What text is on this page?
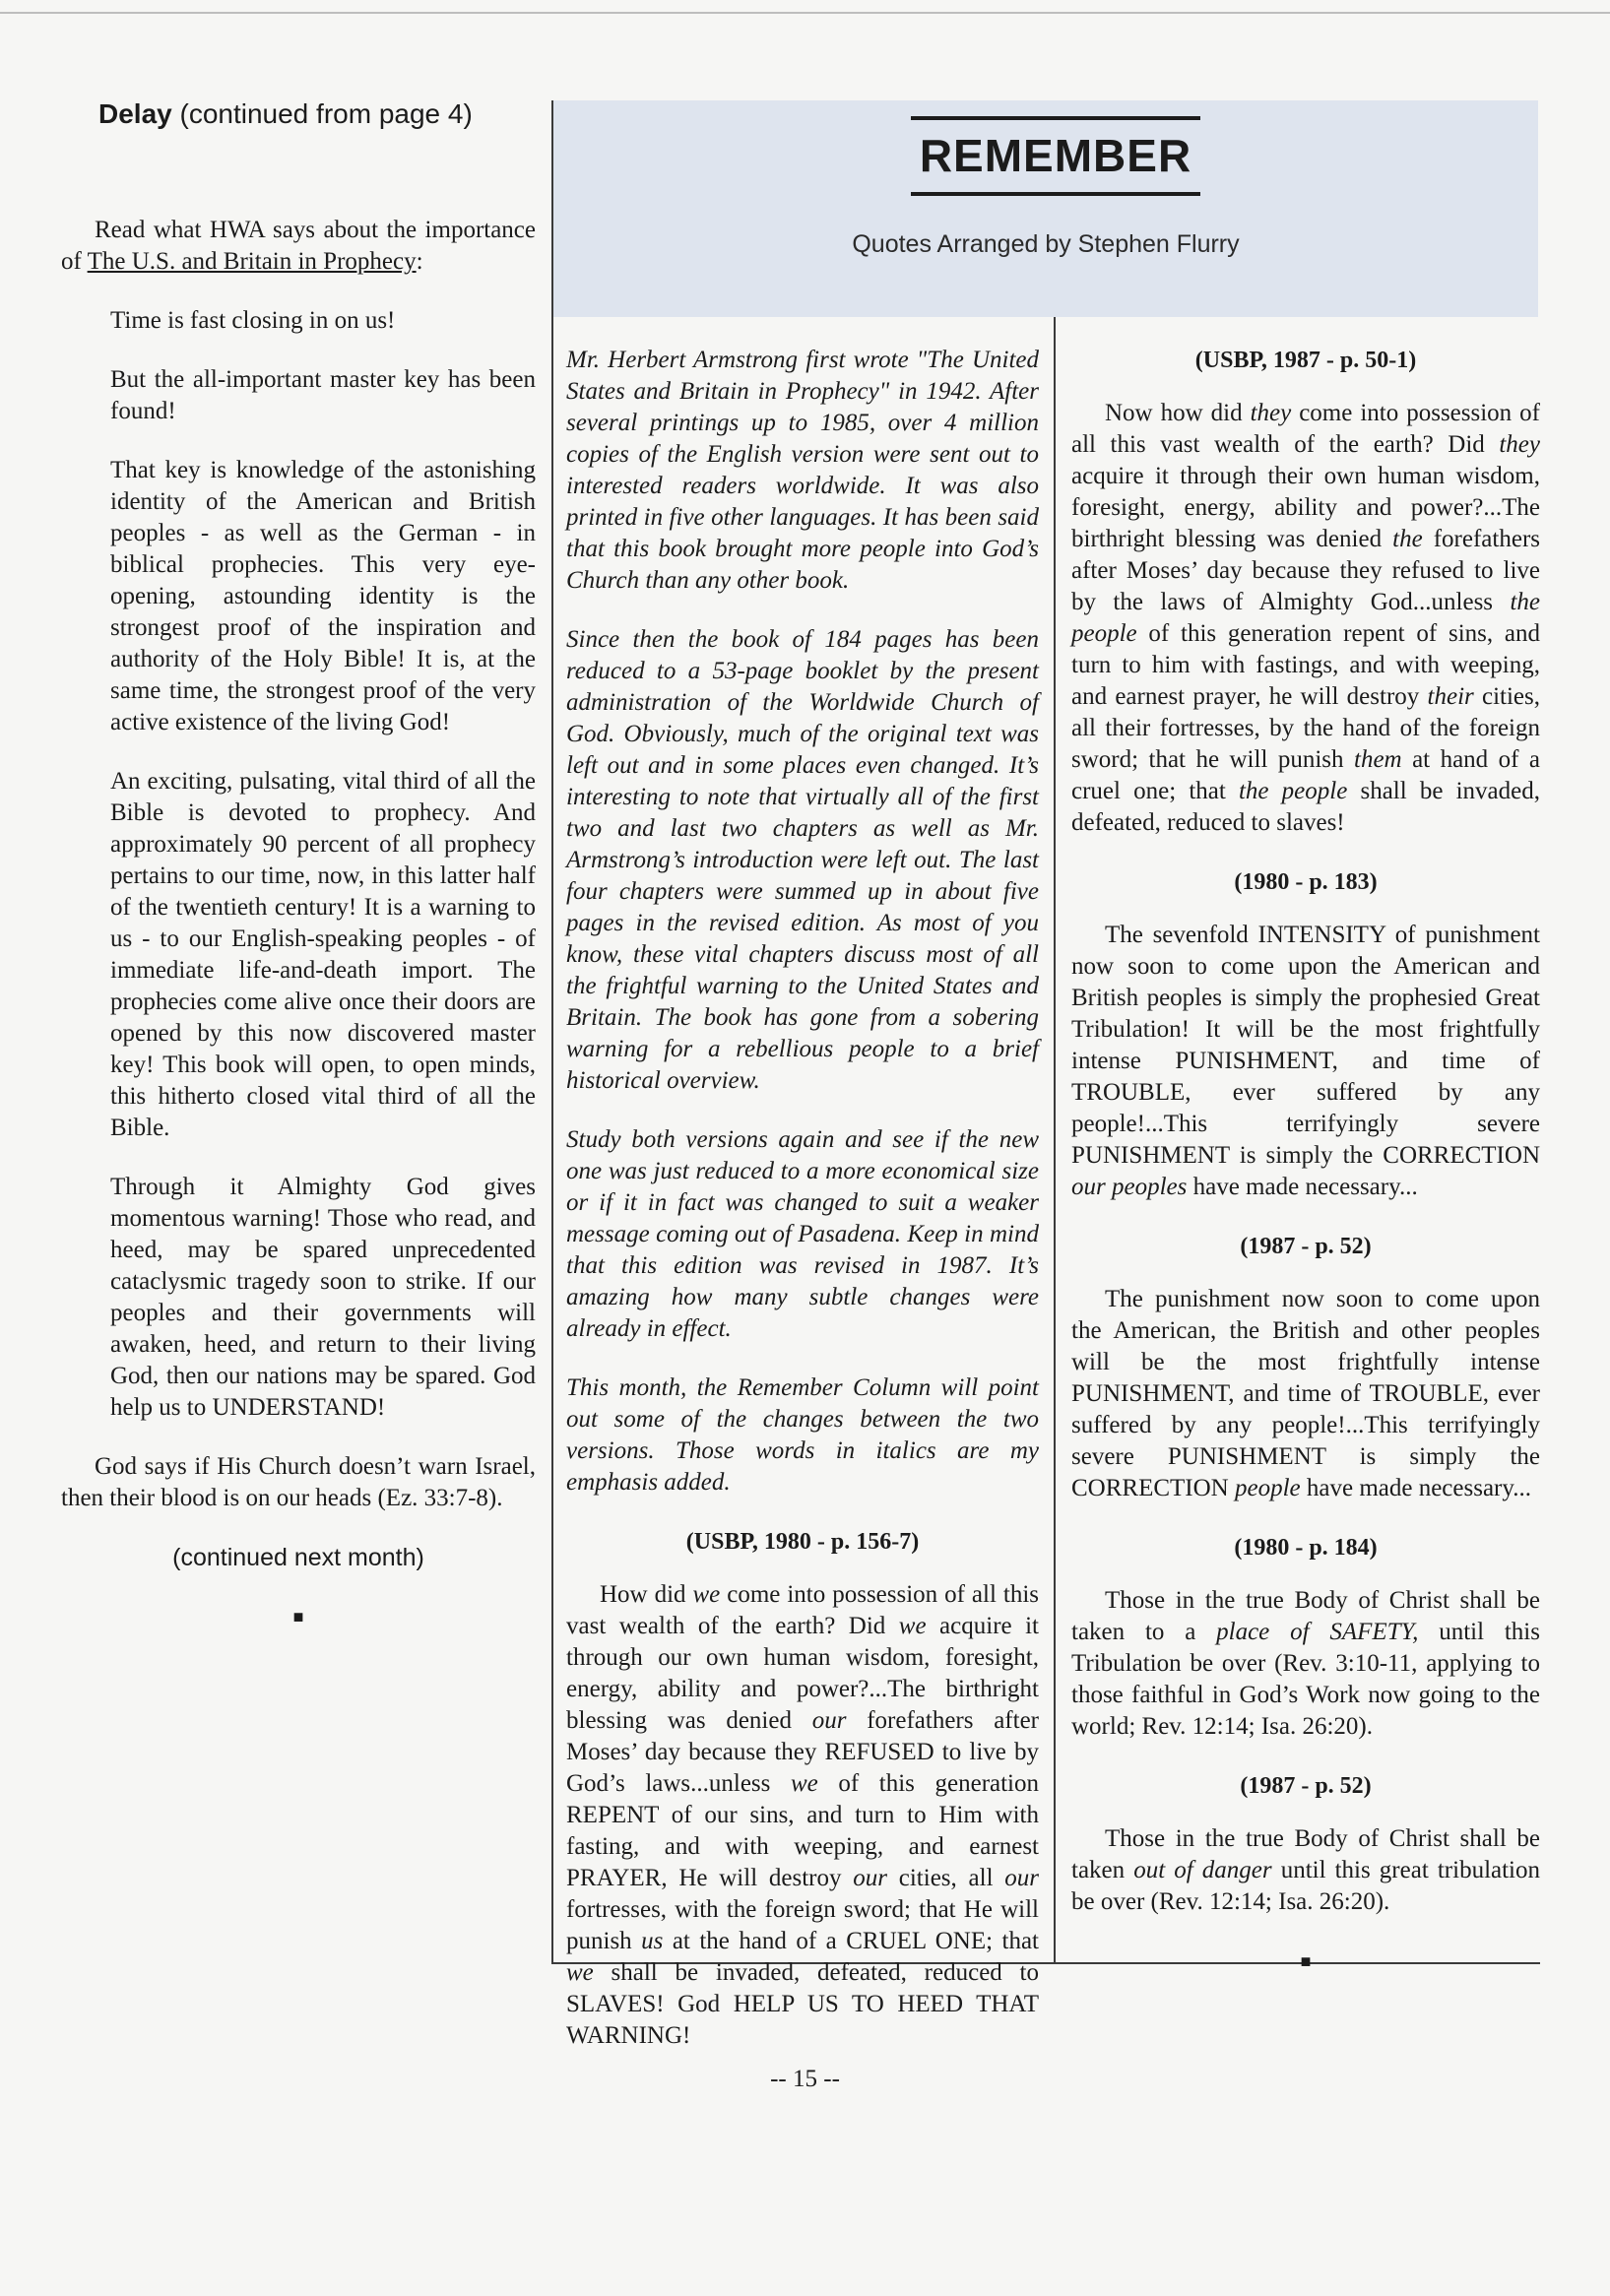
REMEMBER
Quotes Arranged by Stephen Flurry
Delay (continued from page 4)

Read what HWA says about the importance of The U.S. and Britain in Prophecy:

Time is fast closing in on us!

But the all-important master key has been found!

That key is knowledge of the astonishing identity of the American and British peoples - as well as the German - in biblical prophecies. This very eye-opening, astounding identity is the strongest proof of the inspiration and authority of the Holy Bible! It is, at the same time, the strongest proof of the very active existence of the living God!

An exciting, pulsating, vital third of all the Bible is devoted to prophecy. And approximately 90 percent of all prophecy pertains to our time, now, in this latter half of the twentieth century! It is a warning to us - to our English-speaking peoples - of immediate life-and-death import. The prophecies come alive once their doors are opened by this now discovered master key! This book will open, to open minds, this hitherto closed vital third of all the Bible.

Through it Almighty God gives momentous warning! Those who read, and heed, may be spared unprecedented cataclysmic tragedy soon to strike. If our peoples and their governments will awaken, heed, and return to their living God, then our nations may be spared. God help us to UNDERSTAND!

God says if His Church doesn’t warn Israel, then their blood is on our heads (Ez. 33:7-8).

(continued next month)

■

Mr. Herbert Armstrong first wrote "The United States and Britain in Prophecy" in 1942. After several printings up to 1985, over 4 million copies of the English version were sent out to interested readers worldwide. It was also printed in five other languages. It has been said that this book brought more people into God’s Church than any other book.

Since then the book of 184 pages has been reduced to a 53-page booklet by the present administration of the Worldwide Church of God. Obviously, much of the original text was left out and in some places even changed. It’s interesting to note that virtually all of the first two and last two chapters as well as Mr. Armstrong’s introduction were left out. The last four chapters were summed up in about five pages in the revised edition. As most of you know, these vital chapters discuss most of all the frightful warning to the United States and Britain. The book has gone from a sobering warning for a rebellious people to a brief historical overview.

Study both versions again and see if the new one was just reduced to a more economical size or if it in fact was changed to suit a weaker message coming out of Pasadena. Keep in mind that this edition was revised in 1987. It’s amazing how many subtle changes were already in effect.

This month, the Remember Column will point out some of the changes between the two versions. Those words in italics are my emphasis added.

(USBP, 1980 - p. 156-7)

How did we come into possession of all this vast wealth of the earth? Did we acquire it through our own human wisdom, foresight, energy, ability and power?...The birthright blessing was denied our forefathers after Moses’ day because they REFUSED to live by God’s laws...unless we of this generation REPENT of our sins, and turn to Him with fasting, and with weeping, and earnest PRAYER, He will destroy our cities, all our fortresses, with the foreign sword; that He will punish us at the hand of a CRUEL ONE; that we shall be invaded, defeated, reduced to SLAVES! God HELP US TO HEED THAT WARNING!

(USBP, 1987 - p. 50-1)

Now how did they come into possession of all this vast wealth of the earth? Did they acquire it through their own human wisdom, foresight, energy, ability and power?...The birthright blessing was denied the forefathers after Moses’ day because they refused to live by the laws of Almighty God...unless the people of this generation repent of sins, and turn to him with fastings, and with weeping, and earnest prayer, he will destroy their cities, all their fortresses, by the hand of the foreign sword; that he will punish them at hand of a cruel one; that the people shall be invaded, defeated, reduced to slaves!

(1980 - p. 183)

The sevenfold INTENSITY of punishment now soon to come upon the American and British peoples is simply the prophesied Great Tribulation! It will be the most frightfully intense PUNISHMENT, and time of TROUBLE, ever suffered by any people!...This terrifyingly severe PUNISHMENT is simply the CORRECTION our peoples have made necessary...

(1987 - p. 52)

The punishment now soon to come upon the American, the British and other peoples will be the most frightfully intense PUNISHMENT, and time of TROUBLE, ever suffered by any people!...This terrifyingly severe PUNISHMENT is simply the CORRECTION people have made necessary...

(1980 - p. 184)

Those in the true Body of Christ shall be taken to a place of SAFETY, until this Tribulation be over (Rev. 3:10-11, applying to those faithful in God’s Work now going to the world; Rev. 12:14; Isa. 26:20).

(1987 - p. 52)

Those in the true Body of Christ shall be taken out of danger until this great tribulation be over (Rev. 12:14; Isa. 26:20).

■
-- 15 --
